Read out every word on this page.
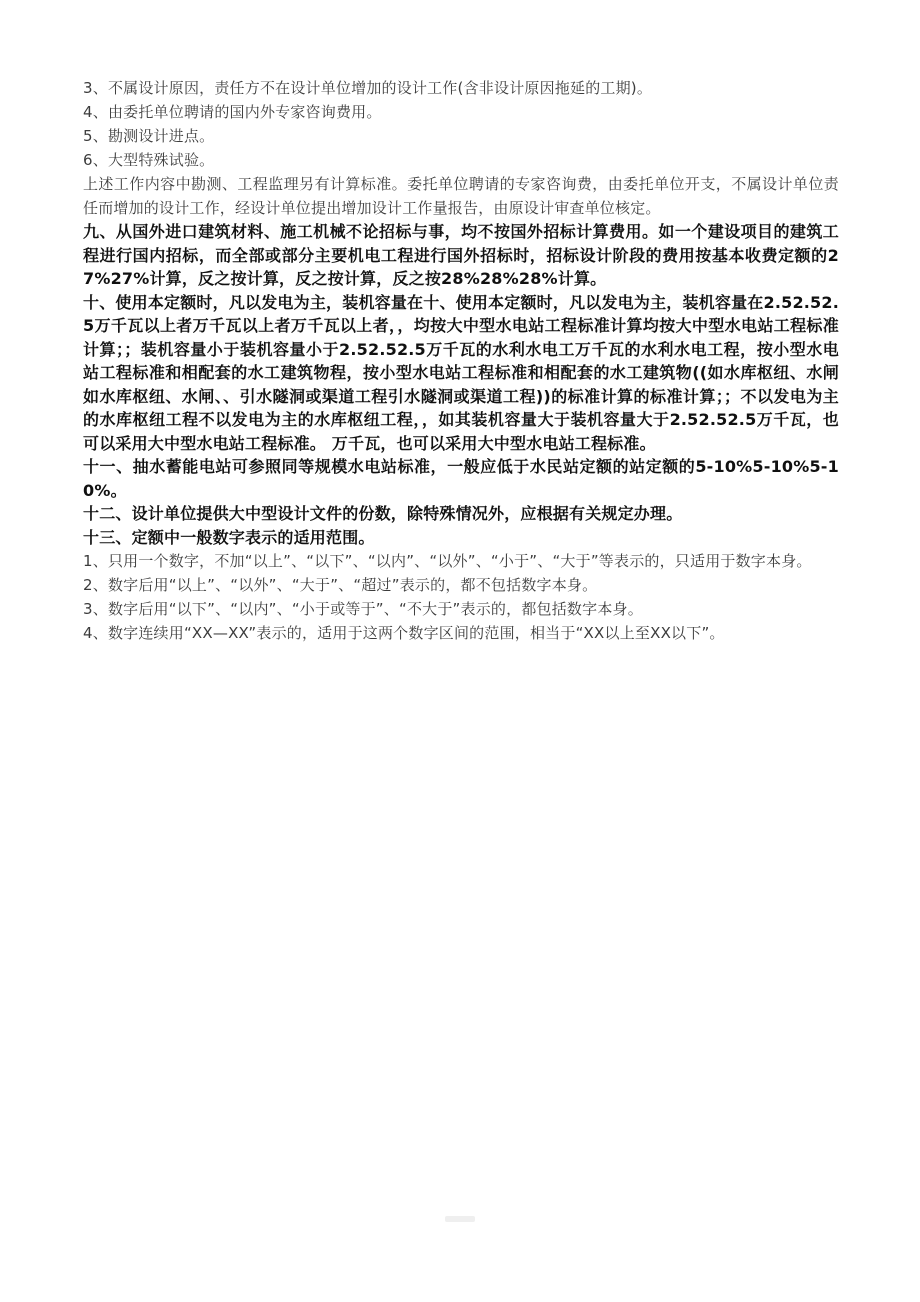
3、不属设计原因，责任方不在设计单位增加的设计工作(含非设计原因拖延的工期)。

4、由委托单位聘请的国内外专家咨询费用。

5、勘测设计进点。

6、大型特殊试验。

上述工作内容中勘测、工程监理另有计算标准。委托单位聘请的专家咨询费，由委托单位开支，不属设计单位责任而增加的设计工作，经设计单位提出增加设计工作量报告，由原设计审查单位核定。

九、从国外进口建筑材料、施工机械不论招标与事，均不按国外招标计算费用。如一个建设项目的建筑工程进行国内招标，而全部或部分主要机电工程进行国外招标时，招标设计阶段的费用按基本收费定额的27%27%计算，反之按计算，反之按计算，反之按28%28%28%计算。

十、使用本定额时，凡以发电为主，装机容量在十、使用本定额时，凡以发电为主，装机容量在2.52.52.5万千瓦以上者万千瓦以上者万千瓦以上者，，均按大中型水电站工程标准计算均按大中型水电站工程标准计算；；装机容量小于装机容量小于2.52.52.5万千瓦的水利水电工万千瓦的水利水电工程，按小型水电站工程标准和相配套的水工建筑物程，按小型水电站工程标准和相配套的水工建筑物((如水库枢纽、水闸如水库枢纽、水闸、、引水隧洞或渠道工程引水隧洞或渠道工程))的标准计算的标准计算；；不以发电为主的水库枢纽工程不以发电为主的水库枢纽工程，，如其装机容量大于装机容量大于2.52.52.5万千瓦，也可以采用大中型水电站工程标准。 万千瓦，也可以采用大中型水电站工程标准。

十一、抽水蓄能电站可参照同等规模水电站标准，一般应低于水民站定额的站定额的5-10%5-10%5-10%。

十二、设计单位提供大中型设计文件的份数，除特殊情况外，应根据有关规定办理。

十三、定额中一般数字表示的适用范围。

1、只用一个数字，不加“以上”、“以下”、“以内”、“以外”、“小于”、“大于”等表示的，只适用于数字本身。

2、数字后用“以上”、“以外”、“大于”、“超过”表示的，都不包括数字本身。

3、数字后用“以下”、“以内”、“小于或等于”、“不大于”表示的，都包括数字本身。

4、数字连续用“XX—XX”表示的，适用于这两个数字区间的范围，相当于“XX以上至XX以下”。
